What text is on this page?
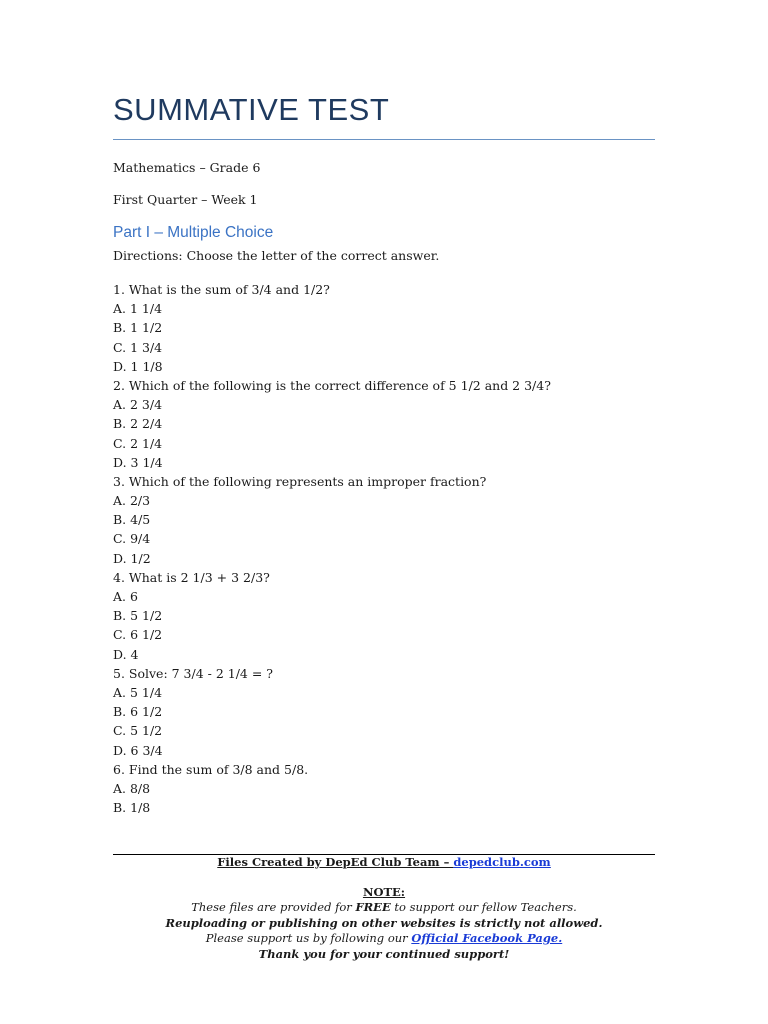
SUMMATIVE TEST
Mathematics – Grade 6
First Quarter – Week 1
Part I – Multiple Choice
Directions: Choose the letter of the correct answer.
1. What is the sum of 3/4 and 1/2?
A. 1 1/4
B. 1 1/2
C. 1 3/4
D. 1 1/8
2. Which of the following is the correct difference of 5 1/2 and 2 3/4?
A. 2 3/4
B. 2 2/4
C. 2 1/4
D. 3 1/4
3. Which of the following represents an improper fraction?
A. 2/3
B. 4/5
C. 9/4
D. 1/2
4. What is 2 1/3 + 3 2/3?
A. 6
B. 5 1/2
C. 6 1/2
D. 4
5. Solve: 7 3/4 - 2 1/4 = ?
A. 5 1/4
B. 6 1/2
C. 5 1/2
D. 6 3/4
6. Find the sum of 3/8 and 5/8.
A. 8/8
B. 1/8
Files Created by DepEd Club Team – depedclub.com
NOTE:
These files are provided for FREE to support our fellow Teachers.
Reuploading or publishing on other websites is strictly not allowed.
Please support us by following our Official Facebook Page.
Thank you for your continued support!
